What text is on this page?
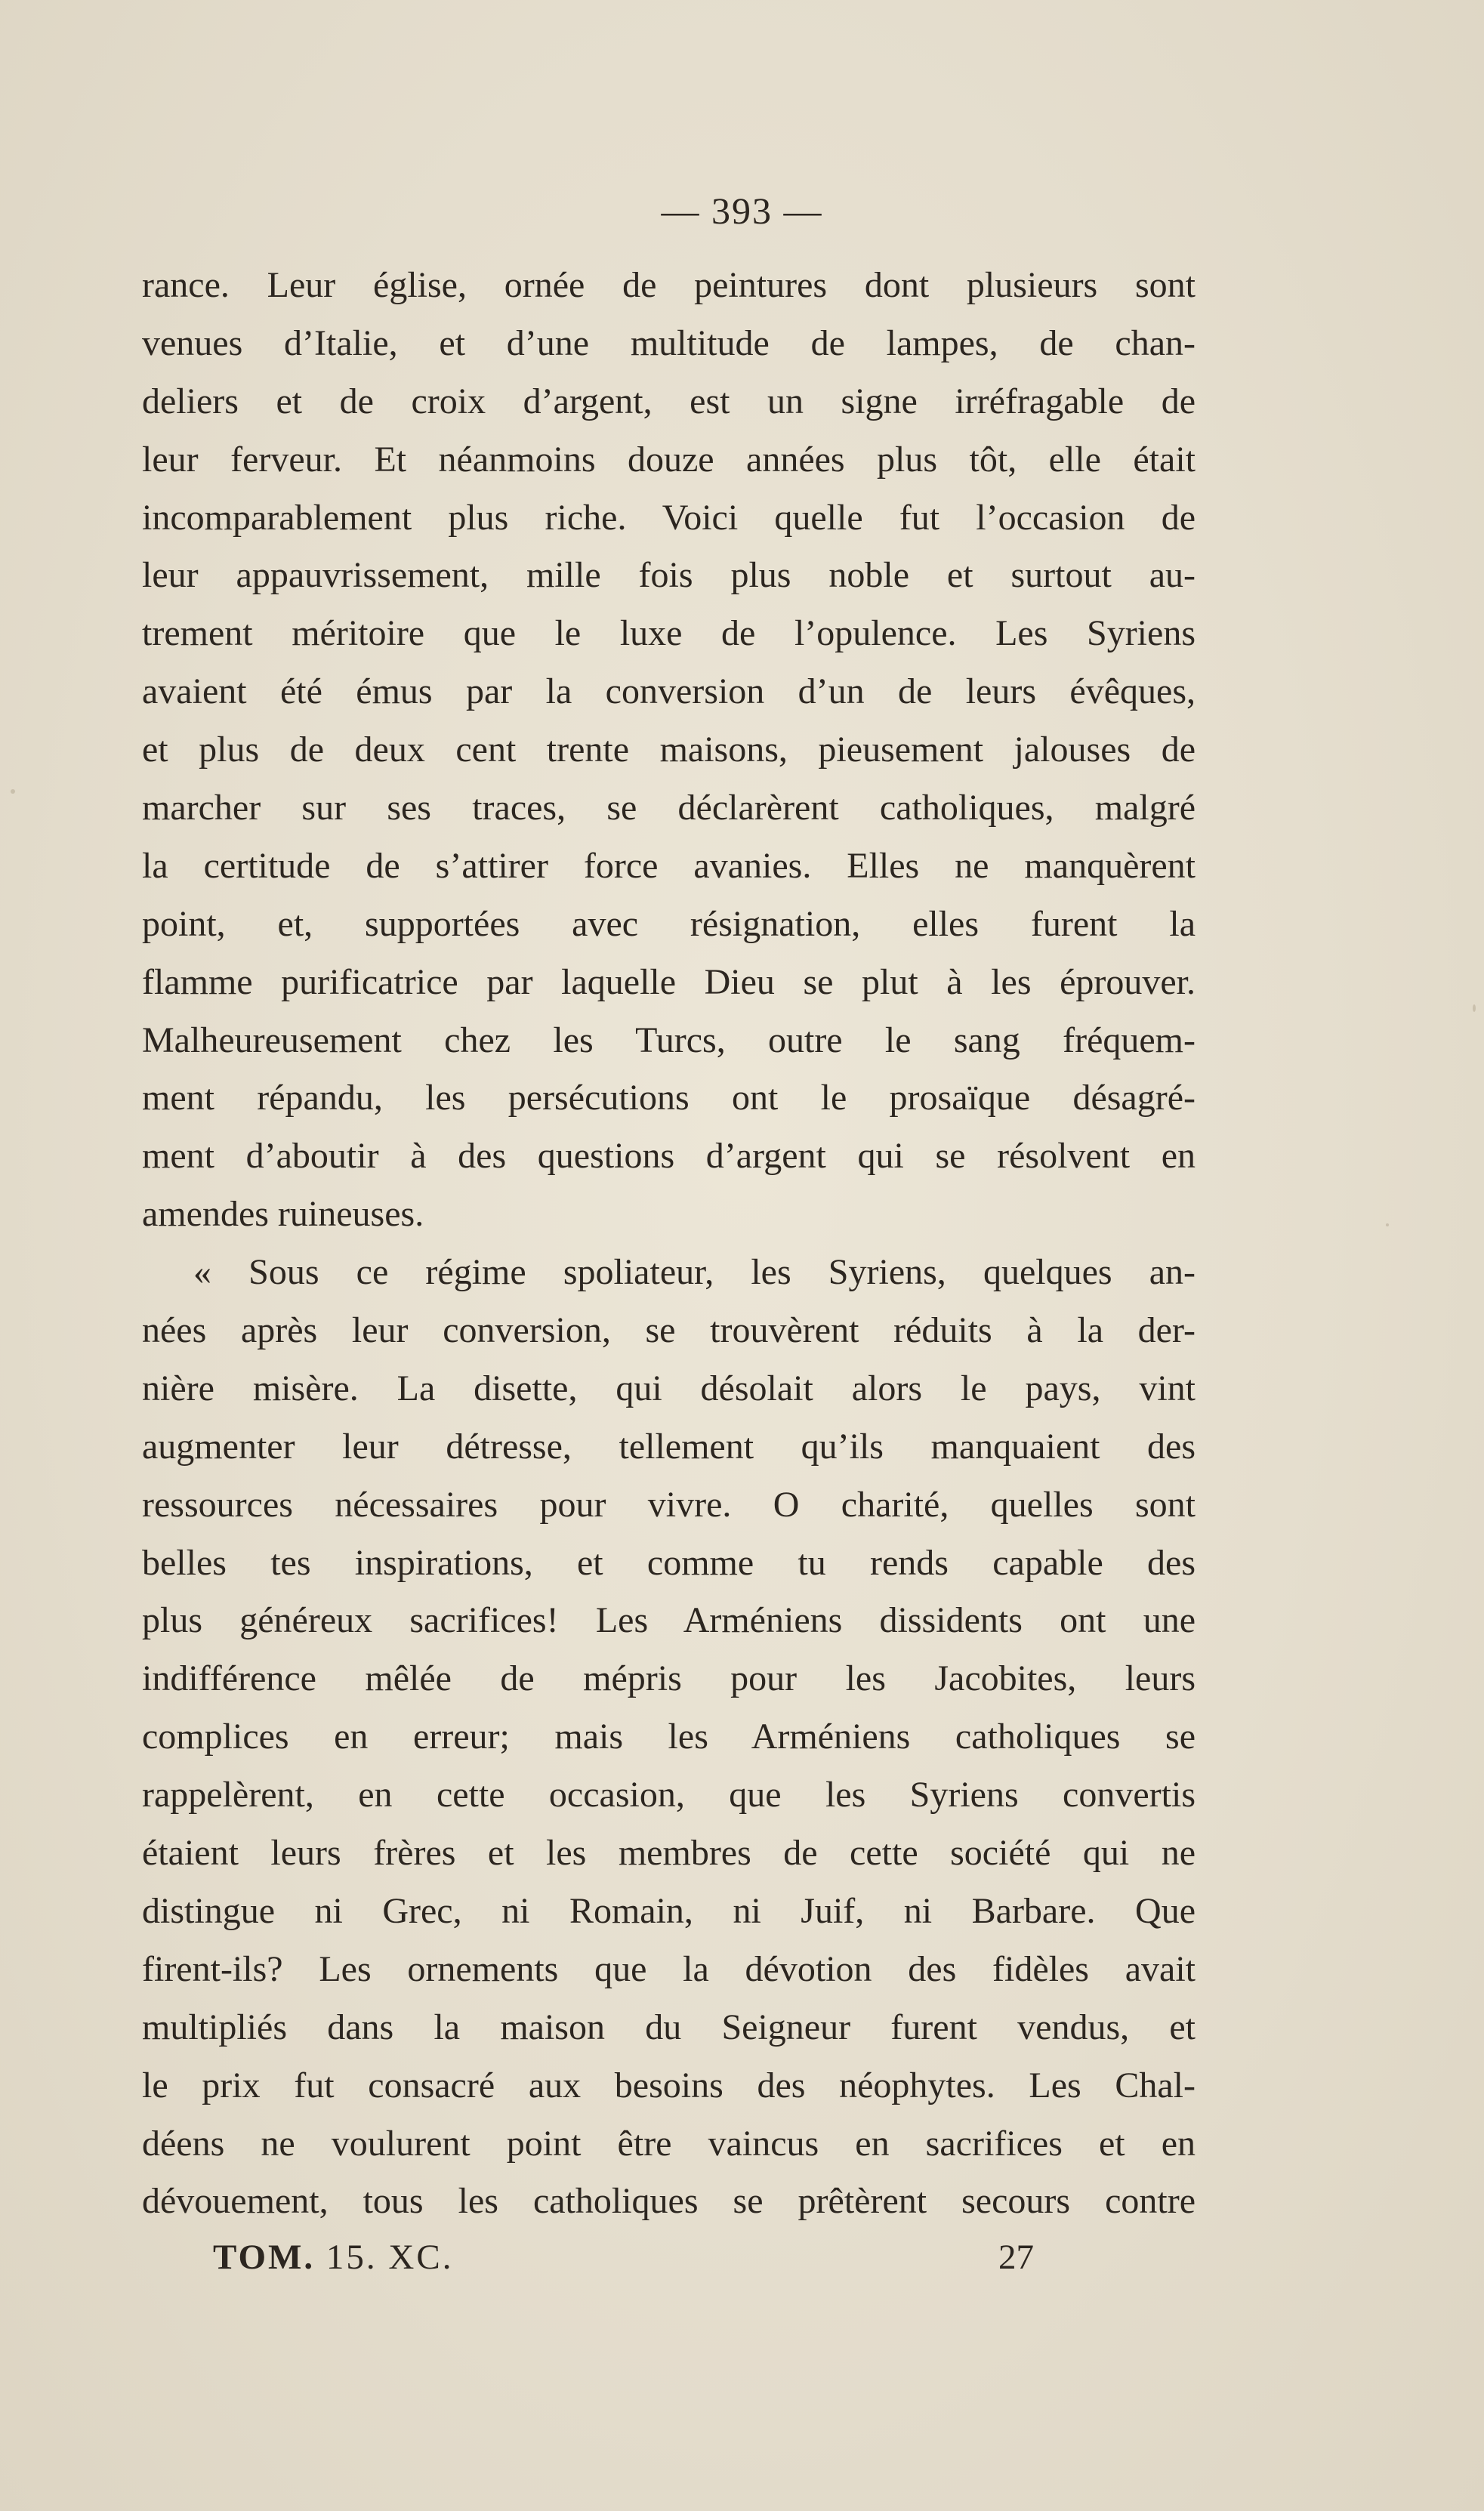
— 393 —
rance. Leur église, ornée de peintures dont plusieurs sont
venues d’Italie, et d’une multitude de lampes, de chan-
deliers et de croix d’argent, est un signe irréfragable de
leur ferveur. Et néanmoins douze années plus tôt, elle était
incomparablement plus riche. Voici quelle fut l’occasion de
leur appauvrissement, mille fois plus noble et surtout au-
trement méritoire que le luxe de l’opulence. Les Syriens
avaient été émus par la conversion d’un de leurs évêques,
et plus de deux cent trente maisons, pieusement jalouses de
marcher sur ses traces, se déclarèrent catholiques, malgré
la certitude de s’attirer force avanies. Elles ne manquèrent
point, et, supportées avec résignation, elles furent la
flamme purificatrice par laquelle Dieu se plut à les éprouver.
Malheureusement chez les Turcs, outre le sang fréquem-
ment répandu, les persécutions ont le prosaïque désagré-
ment d’aboutir à des questions d’argent qui se résolvent en
amendes ruineuses.
« Sous ce régime spoliateur, les Syriens, quelques an-
nées après leur conversion, se trouvèrent réduits à la der-
nière misère. La disette, qui désolait alors le pays, vint
augmenter leur détresse, tellement qu’ils manquaient des
ressources nécessaires pour vivre. O charité, quelles sont
belles tes inspirations, et comme tu rends capable des
plus généreux sacrifices! Les Arméniens dissidents ont une
indifférence mêlée de mépris pour les Jacobites, leurs
complices en erreur; mais les Arméniens catholiques se
rappelèrent, en cette occasion, que les Syriens convertis
étaient leurs frères et les membres de cette société qui ne
distingue ni Grec, ni Romain, ni Juif, ni Barbare. Que
firent-ils? Les ornements que la dévotion des fidèles avait
multipliés dans la maison du Seigneur furent vendus, et
le prix fut consacré aux besoins des néophytes. Les Chal-
déens ne voulurent point être vaincus en sacrifices et en
dévouement, tous les catholiques se prêtèrent secours contre
TOM. 15. XC.	27
